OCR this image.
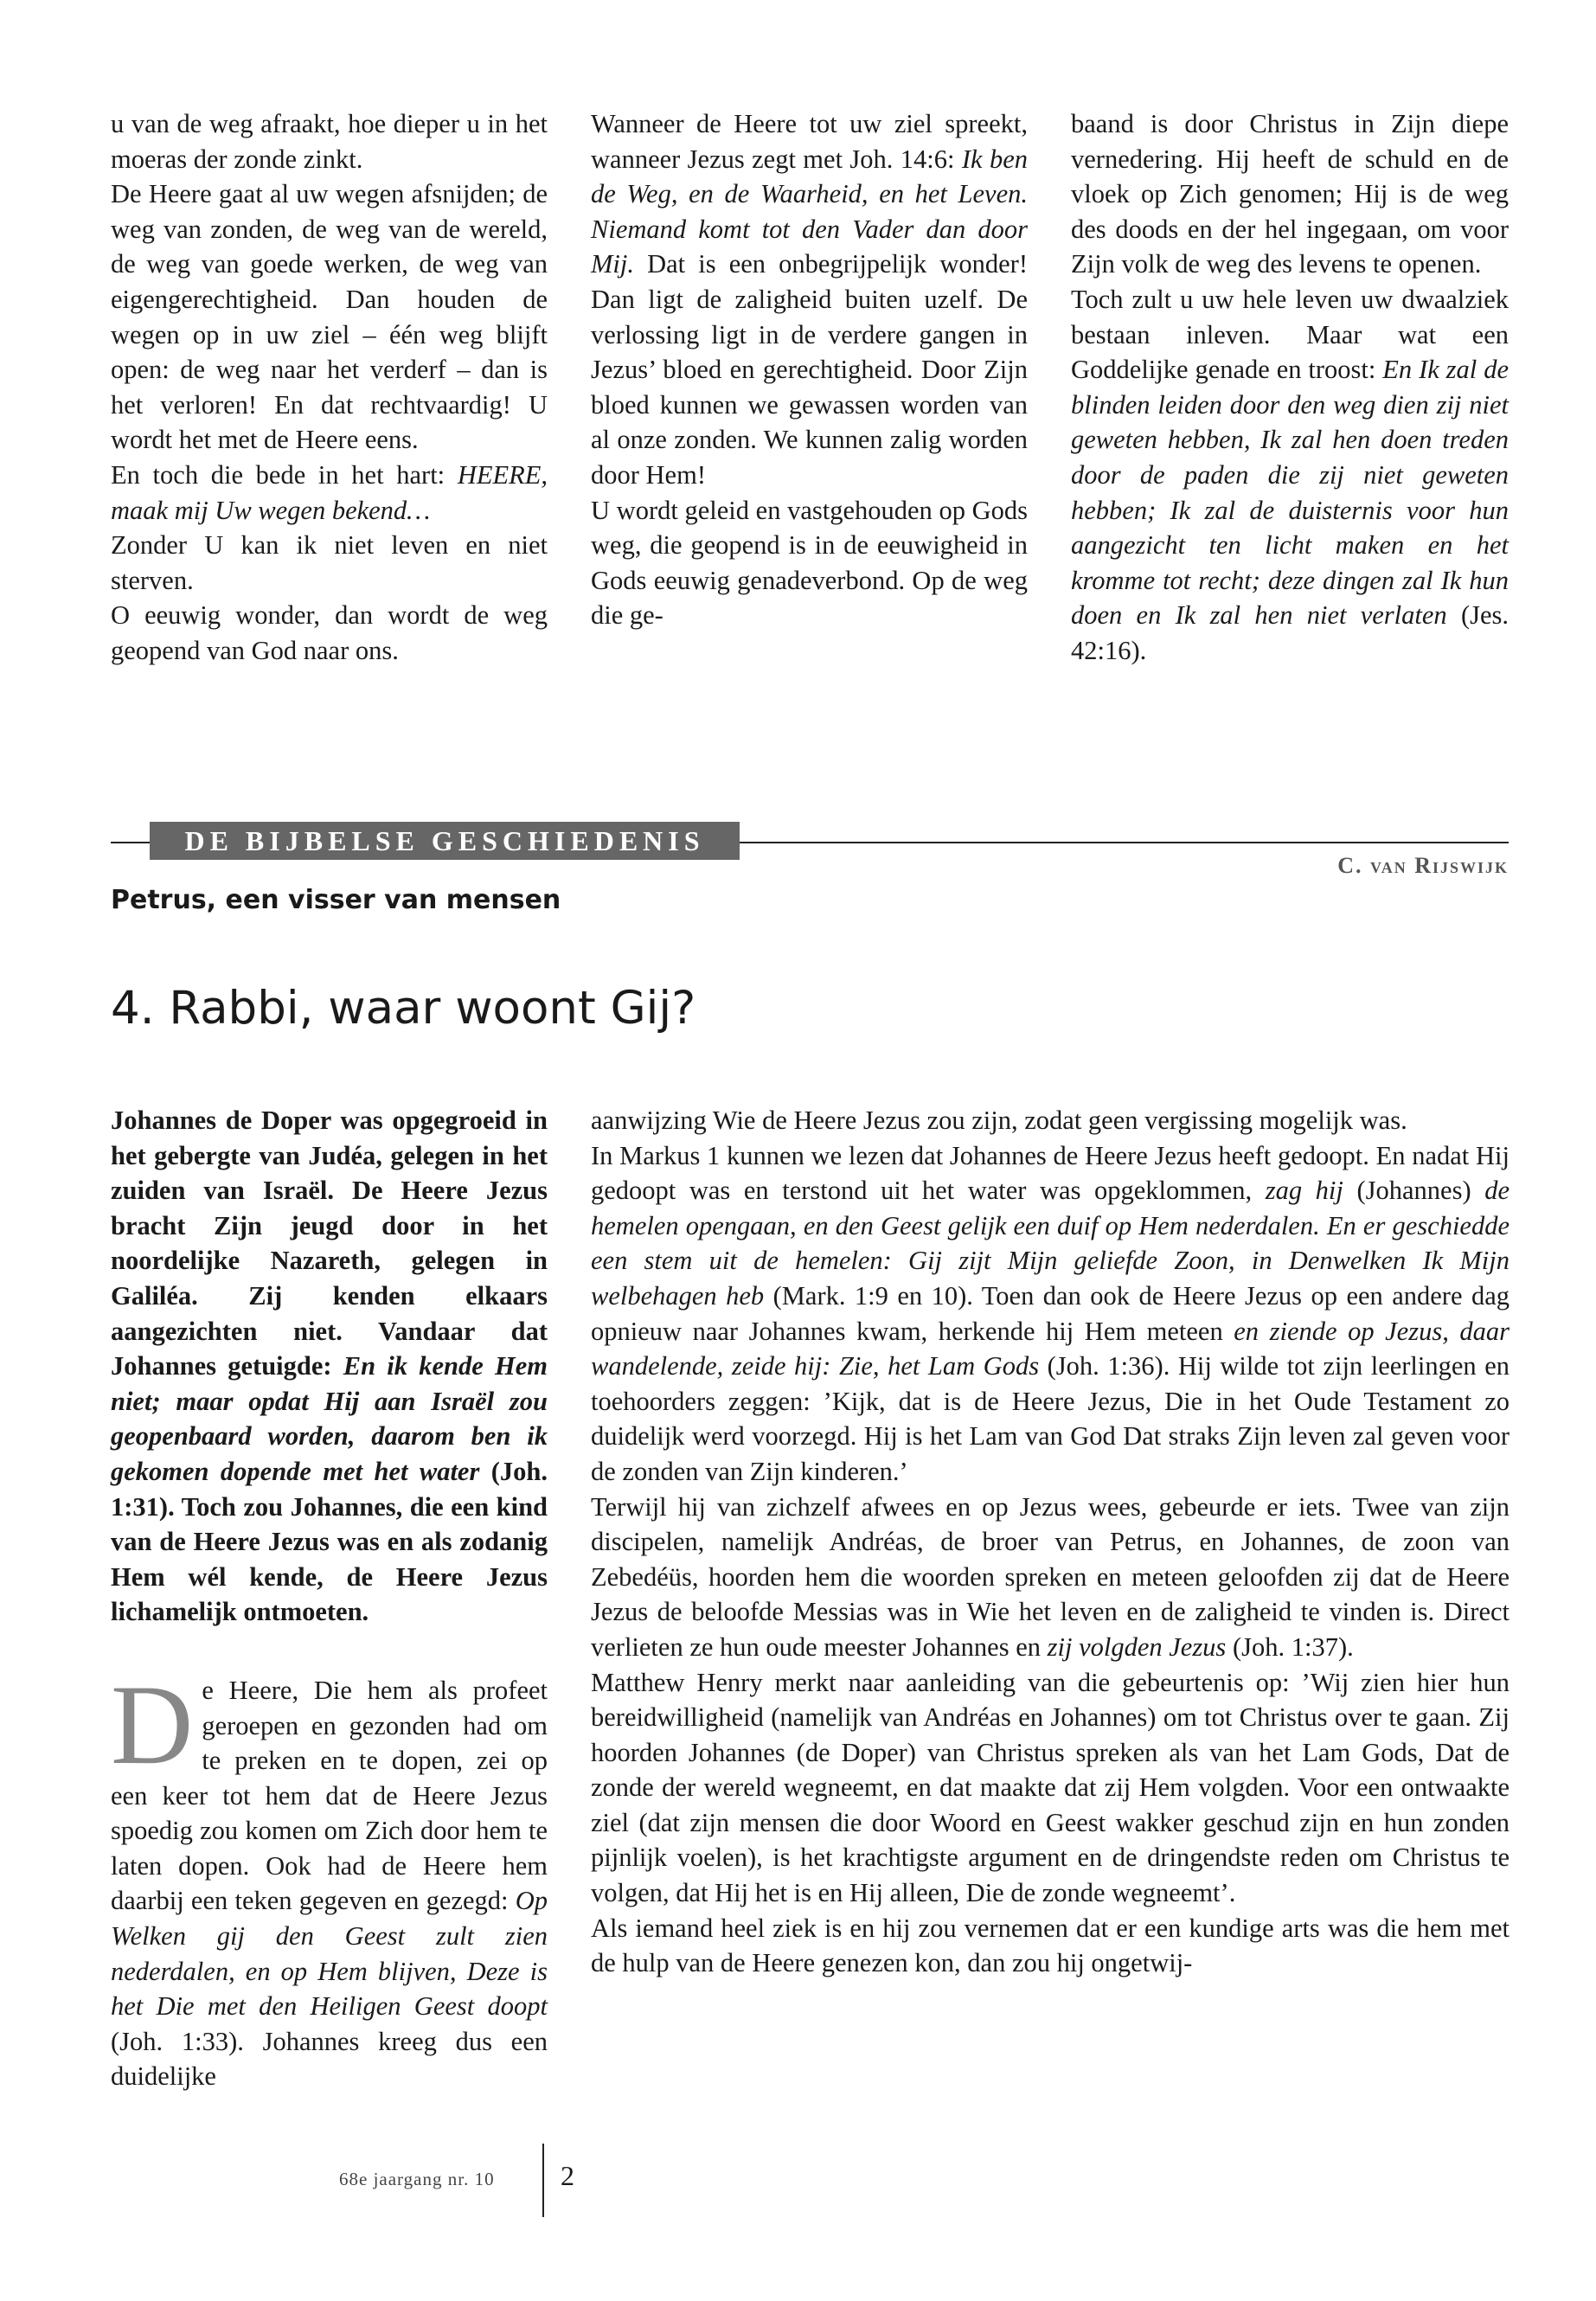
u van de weg afraakt, hoe dieper u in het moeras der zonde zinkt.

De Heere gaat al uw wegen afsnijden; de weg van zonden, de weg van de wereld, de weg van goede werken, de weg van eigengerechtigheid. Dan houden de wegen op in uw ziel – één weg blijft open: de weg naar het verderf – dan is het verloren! En dat rechtvaardig! U wordt het met de Heere eens.

En toch die bede in het hart: HEERE, maak mij Uw wegen bekend…

Zonder U kan ik niet leven en niet sterven.

O eeuwig wonder, dan wordt de weg geopend van God naar ons.

Wanneer de Heere tot uw ziel spreekt, wanneer Jezus zegt met Joh. 14:6: Ik ben de Weg, en de Waarheid, en het Leven. Niemand komt tot den Vader dan door Mij. Dat is een onbegrijpelijk wonder! Dan ligt de zaligheid buiten uzelf. De verlossing ligt in de verdere gangen in Jezus’ bloed en gerechtigheid. Door Zijn bloed kunnen we gewassen worden van al onze zonden. We kunnen zalig worden door Hem!

U wordt geleid en vastgehouden op Gods weg, die geopend is in de eeuwigheid in Gods eeuwig genadeverbond. Op de weg die ge-

baand is door Christus in Zijn diepe vernedering. Hij heeft de schuld en de vloek op Zich genomen; Hij is de weg des doods en der hel ingegaan, om voor Zijn volk de weg des levens te openen.

Toch zult u uw hele leven uw dwaalziek bestaan inleven. Maar wat een Goddelijke genade en troost: En Ik zal de blinden leiden door den weg dien zij niet geweten hebben, Ik zal hen doen treden door de paden die zij niet geweten hebben; Ik zal de duisternis voor hun aangezicht ten licht maken en het kromme tot recht; deze dingen zal Ik hun doen en Ik zal hen niet verlaten (Jes. 42:16).

DE BIJBELSE GESCHIEDENIS
C. van Rijswijk
Petrus, een visser van mensen
4. Rabbi, waar woont Gij?

Johannes de Doper was opgegroeid in het gebergte van Judéa, gelegen in het zuiden van Israël. De Heere Jezus bracht Zijn jeugd door in het noordelijke Nazareth, gelegen in Galiléa. Zij kenden elkaars aangezichten niet. Vandaar dat Johannes getuigde: En ik kende Hem niet; maar opdat Hij aan Israël zou geopenbaard worden, daarom ben ik gekomen dopende met het water (Joh. 1:31). Toch zou Johannes, die een kind van de Heere Jezus was en als zodanig Hem wél kende, de Heere Jezus lichamelijk ontmoeten.

De Heere, Die hem als profeet geroepen en gezonden had om te preken en te dopen, zei op een keer tot hem dat de Heere Jezus spoedig zou komen om Zich door hem te laten dopen. Ook had de Heere hem daarbij een teken gegeven en gezegd: Op Welken gij den Geest zult zien nederdalen, en op Hem blijven, Deze is het Die met den Heiligen Geest doopt (Joh. 1:33). Johannes kreeg dus een duidelijke

aanwijzing Wie de Heere Jezus zou zijn, zodat geen vergissing mogelijk was.

In Markus 1 kunnen we lezen dat Johannes de Heere Jezus heeft gedoopt. En nadat Hij gedoopt was en terstond uit het water was opgeklommen, zag hij (Johannes) de hemelen opengaan, en den Geest gelijk een duif op Hem nederdalen. En er geschiedde een stem uit de hemelen: Gij zijt Mijn geliefde Zoon, in Denwelken Ik Mijn welbehagen heb (Mark. 1:9 en 10). Toen dan ook de Heere Jezus op een andere dag opnieuw naar Johannes kwam, herkende hij Hem meteen en ziende op Jezus, daar wandelende, zeide hij: Zie, het Lam Gods (Joh. 1:36). Hij wilde tot zijn leerlingen en toehoorders zeggen: ’Kijk, dat is de Heere Jezus, Die in het Oude Testament zo duidelijk werd voorzegd. Hij is het Lam van God Dat straks Zijn leven zal geven voor de zonden van Zijn kinderen.’

Terwijl hij van zichzelf afwees en op Jezus wees, gebeurde er iets. Twee van zijn discipelen, namelijk Andréas, de broer van Petrus, en Johannes, de zoon van Zebedéüs, hoorden hem die woorden spreken en meteen geloofden zij dat de Heere Jezus de beloofde Messias was in Wie het leven en de zaligheid te vinden is. Direct verlieten ze hun oude meester Johannes en zij volgden Jezus (Joh. 1:37).

Matthew Henry merkt naar aanleiding van die gebeurtenis op: ’Wij zien hier hun bereidwilligheid (namelijk van Andréas en Johannes) om tot Christus over te gaan. Zij hoorden Johannes (de Doper) van Christus spreken als van het Lam Gods, Dat de zonde der wereld wegneemt, en dat maakte dat zij Hem volgden. Voor een ontwaakte ziel (dat zijn mensen die door Woord en Geest wakker geschud zijn en hun zonden pijnlijk voelen), is het krachtigste argument en de dringendste reden om Christus te volgen, dat Hij het is en Hij alleen, Die de zonde wegneemt’.

Als iemand heel ziek is en hij zou vernemen dat er een kundige arts was die hem met de hulp van de Heere genezen kon, dan zou hij ongetwij-

68e jaargang nr. 10 2
